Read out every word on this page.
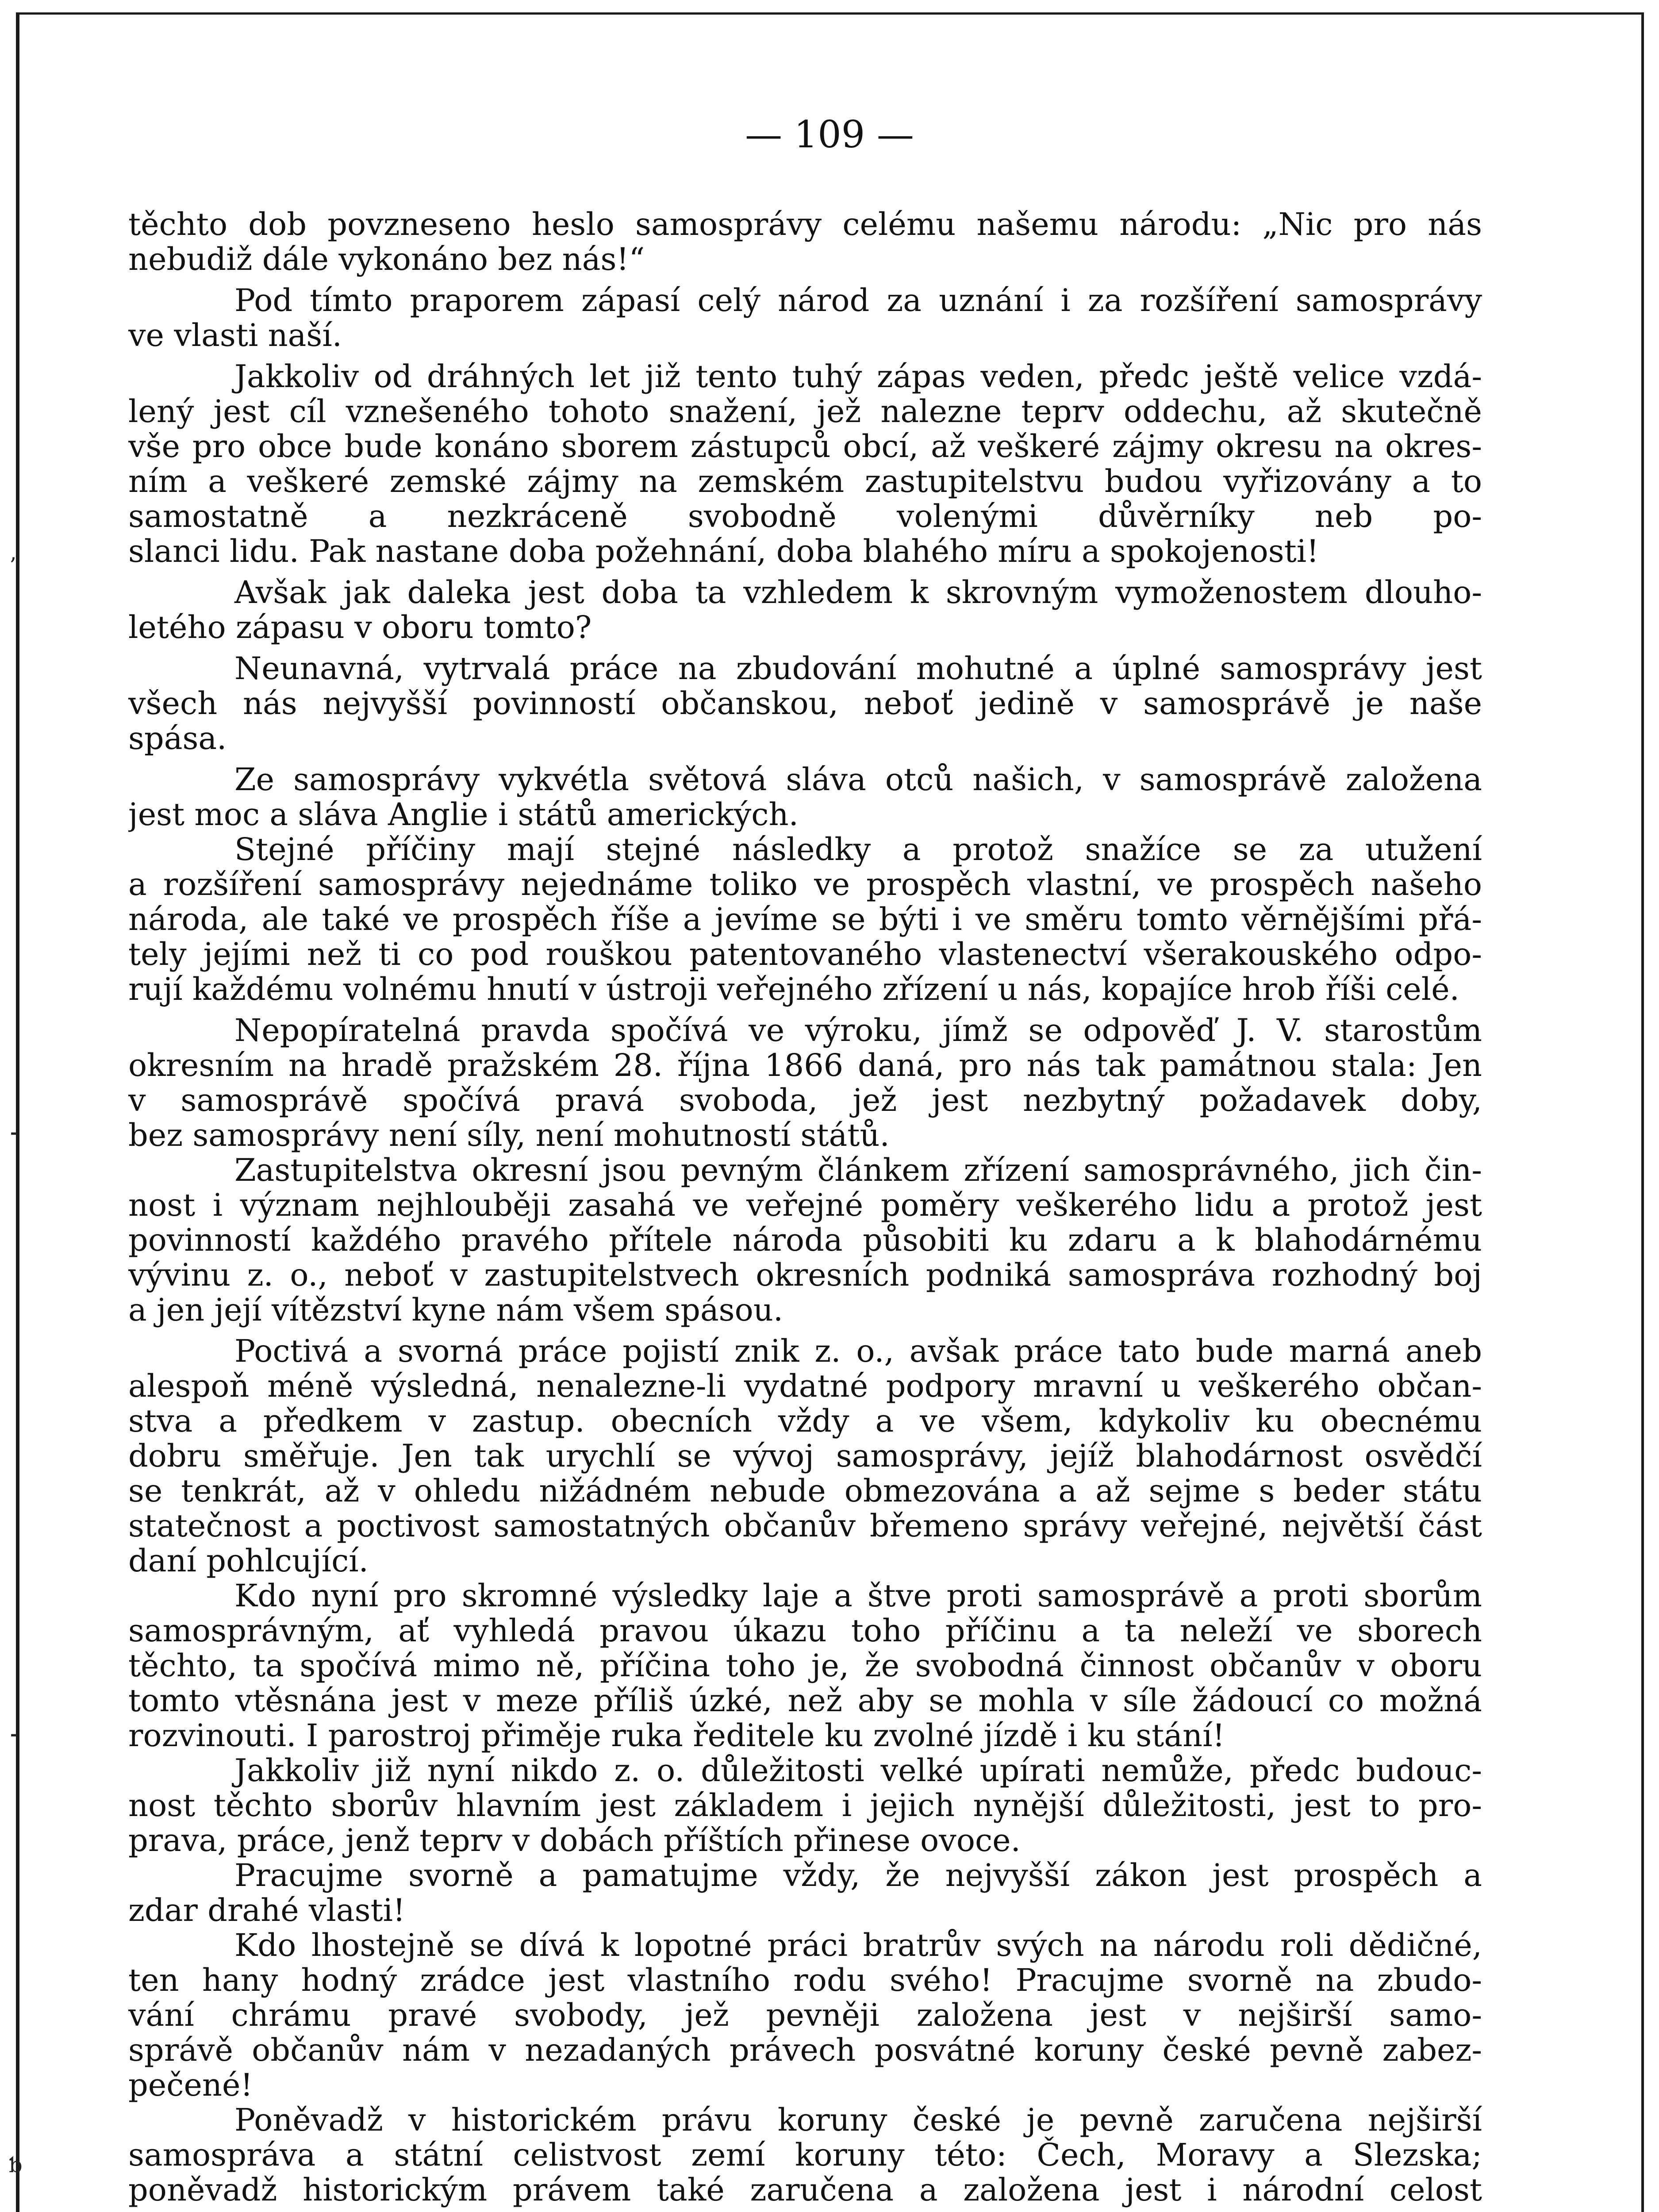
ʼ
⁃
⁃
ƅ
— 109 —
těchto dob povzneseno heslo samosprávy celému našemu národu: „Nic pro nás
nebudiž dále vykonáno bez nás!“
Pod tímto praporem zápasí celý národ za uznání i za rozšíření samosprávy
ve vlasti naší.
Jakkoliv od dráhných let již tento tuhý zápas veden, předc ještě velice vzdá-
lený jest cíl vznešeného tohoto snažení, jež nalezne teprv oddechu, až skutečně
vše pro obce bude konáno sborem zástupců obcí, až veškeré zájmy okresu na okres-
ním a veškeré zemské zájmy na zemském zastupitelstvu budou vyřizovány a to
samostatně a nezkráceně svobodně volenými důvěrníky neb po-
slanci lidu. Pak nastane doba požehnání, doba blahého míru a spokojenosti!
Avšak jak daleka jest doba ta vzhledem k skrovným vymoženostem dlouho-
letého zápasu v oboru tomto?
Neunavná, vytrvalá práce na zbudování mohutné a úplné samosprávy jest
všech nás nejvyšší povinností občanskou, neboť jedině v samosprávě je naše
spása.
Ze samosprávy vykvétla světová sláva otců našich, v samosprávě založena
jest moc a sláva Anglie i států amerických.
Stejné příčiny mají stejné následky a protož snažíce se za utužení
a rozšíření samosprávy nejednáme toliko ve prospěch vlastní, ve prospěch našeho
národa, ale také ve prospěch říše a jevíme se býti i ve směru tomto věrnějšími přá-
tely jejími než ti co pod rouškou patentovaného vlastenectví všerakouského odpo-
rují každému volnému hnutí v ústroji veřejného zřízení u nás, kopajíce hrob říši celé.
Nepopíratelná pravda spočívá ve výroku, jímž se odpověď J. V. starostům
okresním na hradě pražském 28. října 1866 daná, pro nás tak památnou stala: Jen
v samosprávě spočívá pravá svoboda, jež jest nezbytný požadavek doby,
bez samosprávy není síly, není mohutností států.
Zastupitelstva okresní jsou pevným článkem zřízení samosprávného, jich čin-
nost i význam nejhlouběji zasahá ve veřejné poměry veškerého lidu a protož jest
povinností každého pravého přítele národa působiti ku zdaru a k blahodárnému
vývinu z. o., neboť v zastupitelstvech okresních podniká samospráva rozhodný boj
a jen její vítězství kyne nám všem spásou.
Poctivá a svorná práce pojistí znik z. o., avšak práce tato bude marná aneb
alespoň méně výsledná, nenalezne-li vydatné podpory mravní u veškerého občan-
stva a předkem v zastup. obecních vždy a ve všem, kdykoliv ku obecnému
dobru směřuje. Jen tak urychlí se vývoj samosprávy, jejíž blahodárnost osvědčí
se tenkrát, až v ohledu nižádném nebude obmezována a až sejme s beder státu
statečnost a poctivost samostatných občanův břemeno správy veřejné, největší část
daní pohlcující.
Kdo nyní pro skromné výsledky laje a štve proti samosprávě a proti sborům
samosprávným, ať vyhledá pravou úkazu toho příčinu a ta neleží ve sborech
těchto, ta spočívá mimo ně, příčina toho je, že svobodná činnost občanův v oboru
tomto vtěsnána jest v meze příliš úzké, než aby se mohla v síle žádoucí co možná
rozvinouti. I parostroj přiměje ruka ředitele ku zvolné jízdě i ku stání!
Jakkoliv již nyní nikdo z. o. důležitosti velké upírati nemůže, předc budouc-
nost těchto sborův hlavním jest základem i jejich nynější důležitosti, jest to pro-
prava, práce, jenž teprv v dobách příštích přinese ovoce.
Pracujme svorně a pamatujme vždy, že nejvyšší zákon jest prospěch a
zdar drahé vlasti!
Kdo lhostejně se dívá k lopotné práci bratrův svých na národu roli dědičné,
ten hany hodný zrádce jest vlastního rodu svého! Pracujme svorně na zbudo-
vání chrámu pravé svobody, jež pevněji založena jest v nejširší samo-
správě občanův nám v nezadaných právech posvátné koruny české pevně zabez-
pečené!
Poněvadž v historickém právu koruny české je pevně zaručena nejširší
samospráva a státní celistvost zemí koruny této: Čech, Moravy a Slezska;
poněvadž historickým právem také zaručena a založena jest i národní celost
